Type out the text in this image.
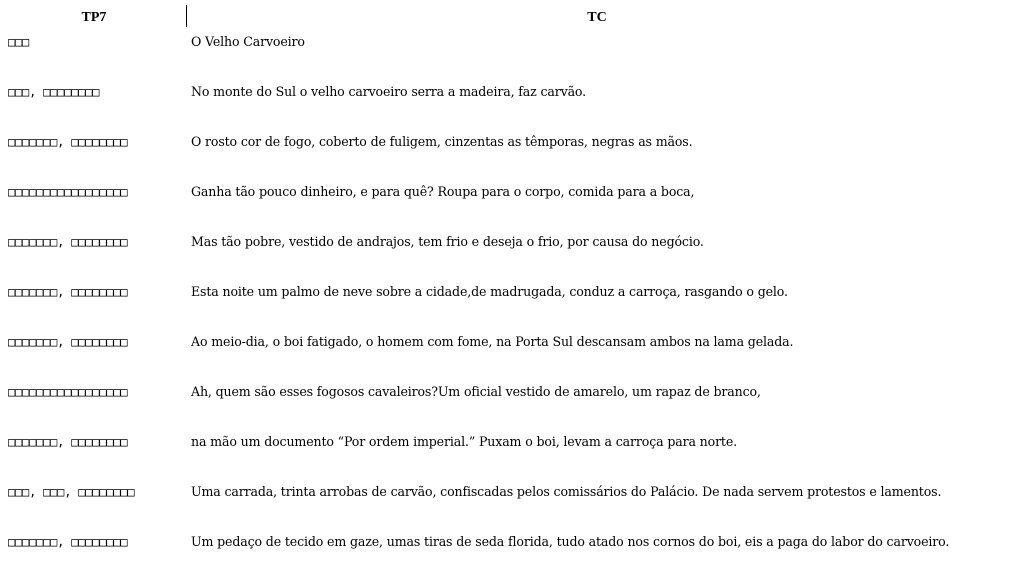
TP7	TC
□□□	O Velho Carvoeiro
□□□, □□□□□□□□	No monte do Sul o velho carvoeiro serra a madeira, faz carvão.
□□□□□□□, □□□□□□□□	O rosto cor de fogo, coberto de fuligem, cinzentas as têmporas, negras as mãos.
□□□□□□□□□□□□□□□□□	Ganha tão pouco dinheiro, e para quê? Roupa para o corpo, comida para a boca,
□□□□□□□, □□□□□□□□	Mas tão pobre, vestido de andrajos, tem frio e deseja o frio, por causa do negócio.
□□□□□□□, □□□□□□□□	Esta noite um palmo de neve sobre a cidade,de madrugada, conduz a carroça, rasgando o gelo.
□□□□□□□, □□□□□□□□	Ao meio-dia, o boi fatigado, o homem com fome, na Porta Sul descansam ambos na lama gelada.
□□□□□□□□□□□□□□□□□	Ah, quem são esses fogosos cavaleiros?Um oficial vestido de amarelo, um rapaz de branco,
□□□□□□□, □□□□□□□□	na mão um documento “Por ordem imperial.” Puxam o boi, levam a carroça para norte.
□□□, □□□, □□□□□□□□	Uma carrada, trinta arrobas de carvão, confiscadas pelos comissários do Palácio. De nada servem protestos e lamentos.
□□□□□□□, □□□□□□□□	Um pedaço de tecido em gaze, umas tiras de seda florida, tudo atado nos cornos do boi, eis a paga do labor do carvoeiro.
